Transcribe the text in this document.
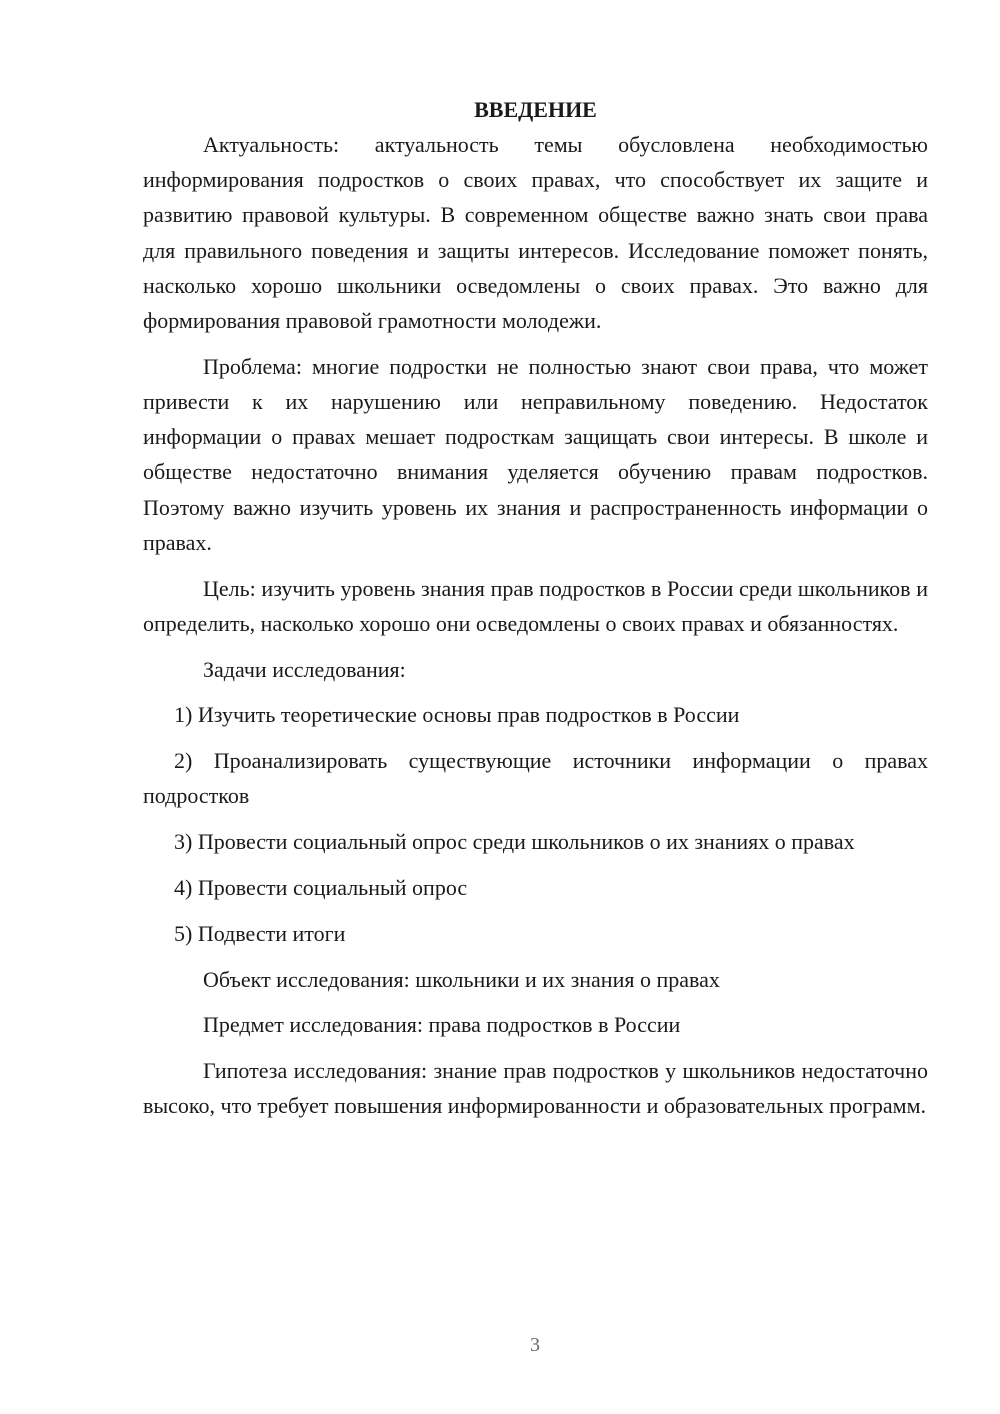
ВВЕДЕНИЕ

Актуальность: актуальность темы обусловлена необходимостью информирования подростков о своих правах, что способствует их защите и развитию правовой культуры. В современном обществе важно знать свои права для правильного поведения и защиты интересов. Исследование поможет понять, насколько хорошо школьники осведомлены о своих правах. Это важно для формирования правовой грамотности молодежи.

Проблема: многие подростки не полностью знают свои права, что может привести к их нарушению или неправильному поведению. Недостаток информации о правах мешает подросткам защищать свои интересы. В школе и обществе недостаточно внимания уделяется обучению правам подростков. Поэтому важно изучить уровень их знания и распространенность информации о правах.

Цель: изучить уровень знания прав подростков в России среди школьников и определить, насколько хорошо они осведомлены о своих правах и обязанностях.

Задачи исследования:

1) Изучить теоретические основы прав подростков в России

2) Проанализировать существующие источники информации о правах подростков

3) Провести социальный опрос среди школьников о их знаниях о правах

4) Провести социальный опрос

5) Подвести итоги

Объект исследования: школьники и их знания о правах

Предмет исследования: права подростков в России

Гипотеза исследования: знание прав подростков у школьников недостаточно высоко, что требует повышения информированности и образовательных программ.

3
